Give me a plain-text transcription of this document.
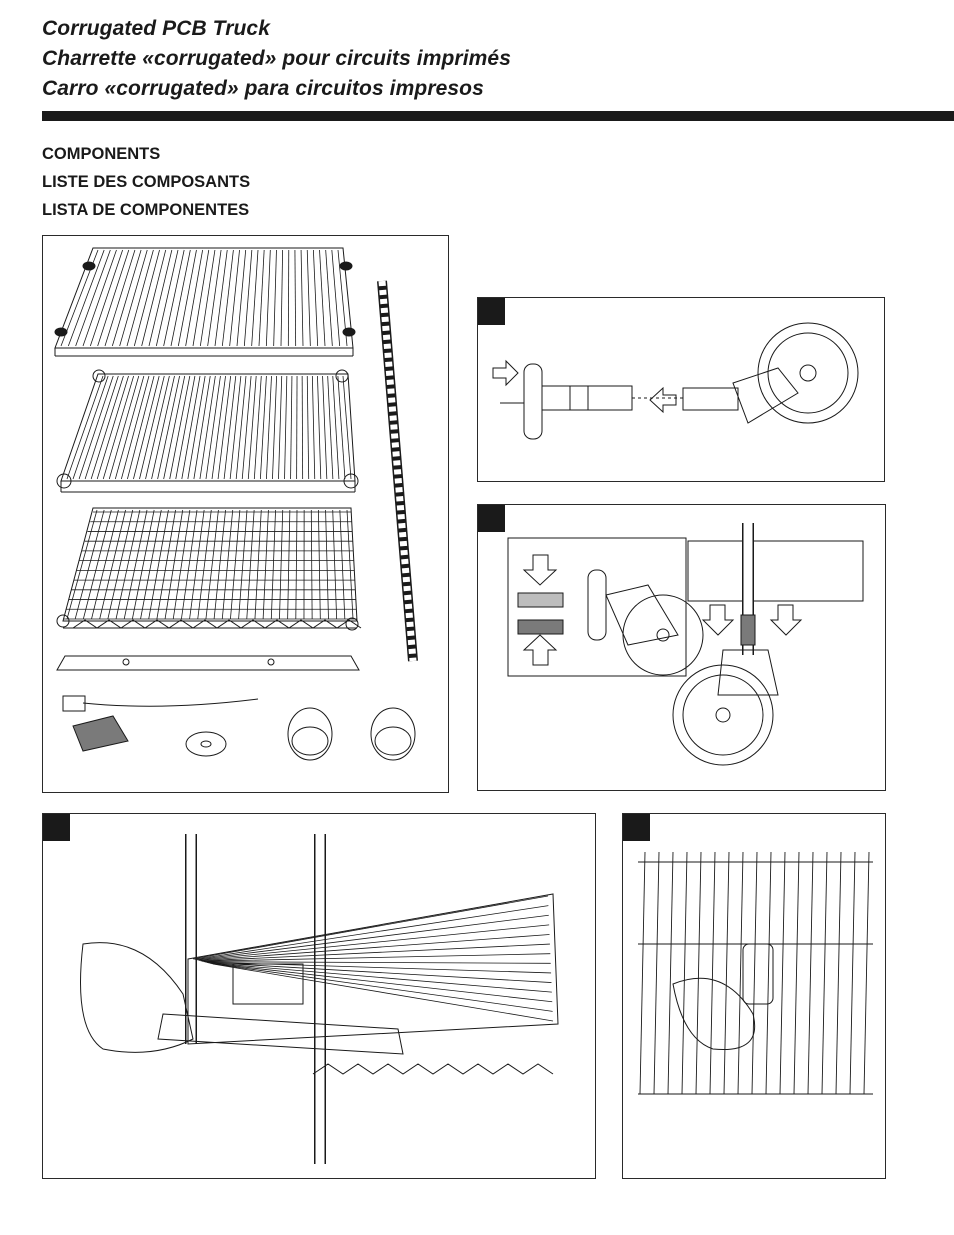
Corrugated PCB Truck
Charrette «corrugated» pour circuits imprimés
Carro «corrugated» para circuitos impresos
COMPONENTS
LISTE DES COMPOSANTS
LISTA DE COMPONENTES
